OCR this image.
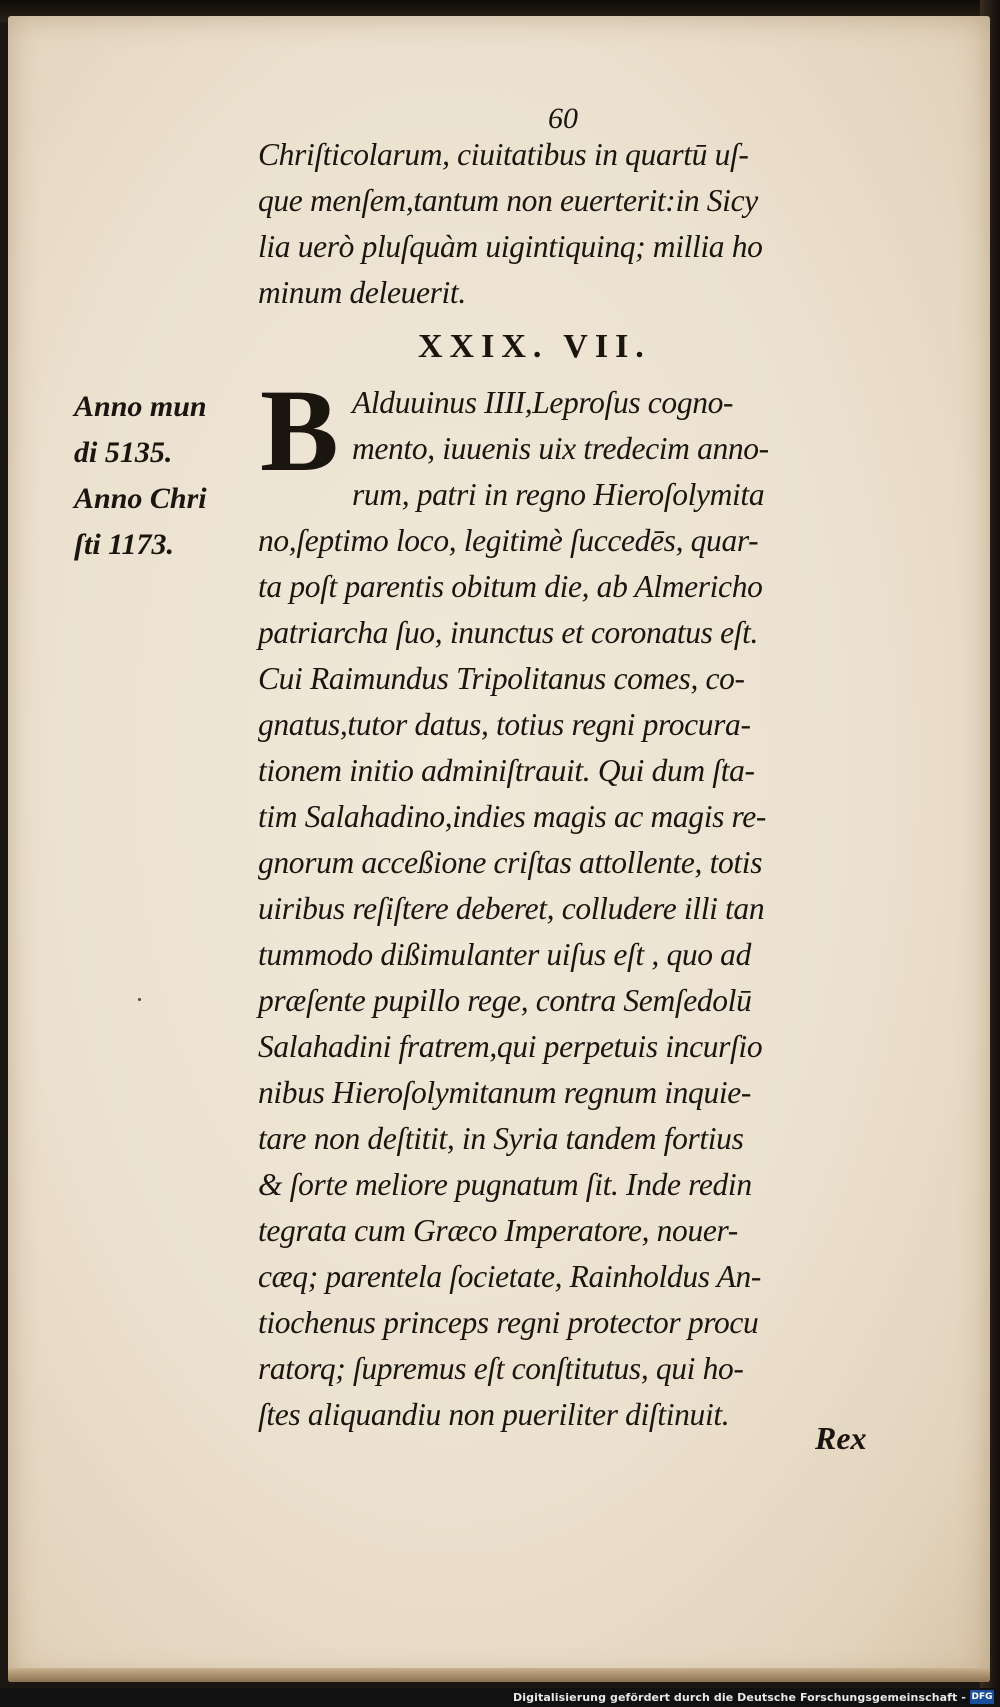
60
Chriſticolarum, ciuitatibus in quartū uſ-
que menſem,tantum non euerterit:in Sicy
lia uerò pluſquàm uigintiquinq; millia ho
minum deleuerit.
XXIX. VII.
B Alduuinus IIII,Leproſus cogno-
mento, iuuenis uix tredecim anno-
rum, patri in regno Hieroſolymita
no,ſeptimo loco, legitimè ſuccedēs, quar-
ta poſt parentis obitum die, ab Almericho
patriarcha ſuo, inunctus et coronatus eſt.
Cui Raimundus Tripolitanus comes, co-
gnatus,tutor datus, totius regni procura-
tionem initio adminiſtrauit. Qui dum ſta-
tim Salahadino,indies magis ac magis re-
gnorum acceßione criſtas attollente, totis
uiribus reſiſtere deberet, colludere illi tan
tummodo dißimulanter uiſus eſt , quo ad
præſente pupillo rege, contra Semſedolū
Salahadini fratrem,qui perpetuis incurſio
nibus Hieroſolymitanum regnum inquie-
tare non deſtitit, in Syria tandem fortius
& ſorte meliore pugnatum ſit. Inde redin
tegrata cum Græco Imperatore, nouer-
cæq; parentela ſocietate, Rainholdus An-
tiochenus princeps regni protector procu
ratorq; ſupremus eſt conſtitutus, qui ho-
ſtes aliquandiu non pueriliter diſtinuit.
Rex
Anno mun
di 5135.
Anno Chri
ſti 1173.
Digitalisierung gefördert durch die Deutsche Forschungsgemeinschaft - DFG
